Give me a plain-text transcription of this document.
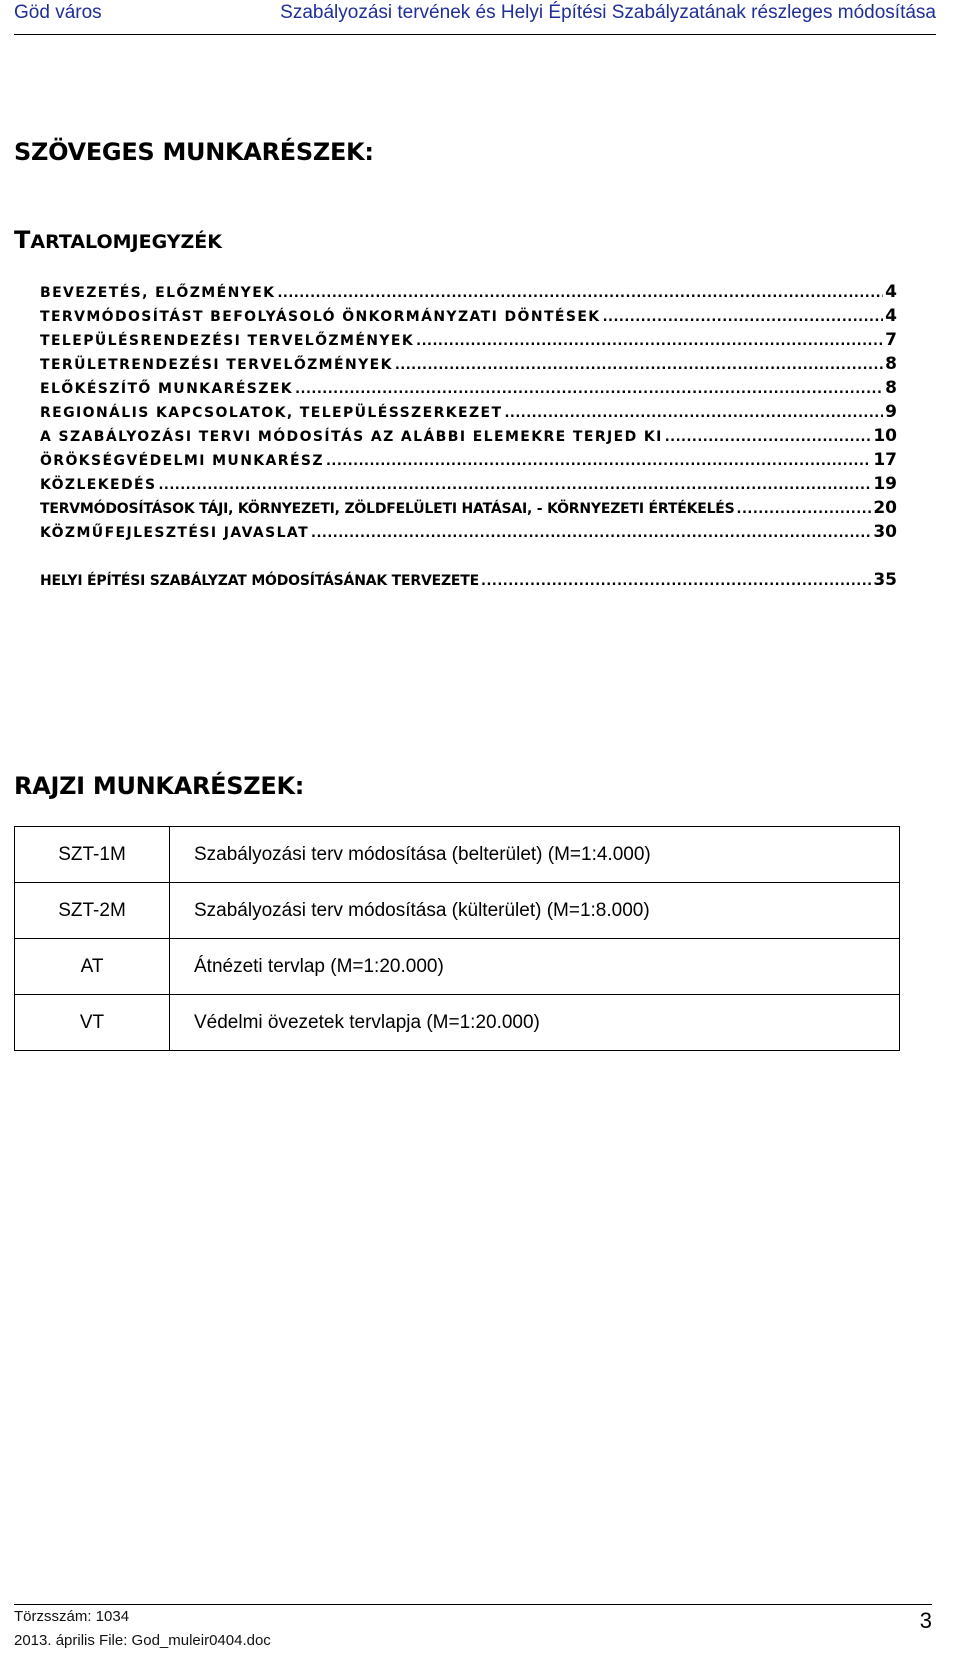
Göd város	Szabályozási tervének és Helyi Építési Szabályzatának részleges módosítása
SZÖVEGES MUNKARÉSZEK:
TARTALOMJEGYZÉK
BEVEZETÉS, ELŐZMÉNYEK .....	4
TERVMÓDOSÍTÁST BEFOLYÁSOLÓ ÖNKORMÁNYZATI DÖNTÉSEK .....	4
TELEPÜLÉSRENDEZÉSI TERVELŐZMÉNYEK .....	7
TERÜLETRENDEZÉSI TERVELŐZMÉNYEK .....	8
ELŐKÉSZÍTŐ MUNKARÉSZEK .....	8
REGIONÁLIS KAPCSOLATOK, TELEPÜLÉSSZERKEZET .....	9
A SZABÁLYOZÁSI TERVI MÓDOSÍTÁS AZ ALÁBBI ELEMEKRE TERJED KI .....	10
ÖRÖKSÉGVÉDELMI MUNKARÉSZ .....	17
KÖZLEKEDÉS .....	19
TERVMÓDOSÍTÁSOK TÁJI, KÖRNYEZETI, ZÖLDFELÜLETI HATÁSAI, - KÖRNYEZETI ÉRTÉKELÉS .....	20
KÖZMŰFEJLESZTÉSI JAVASLAT .....	30
HELYI ÉPÍTÉSI SZABÁLYZAT MÓDOSÍTÁSÁNAK TERVEZETE .....	35
RAJZI MUNKARÉSZEK:
SZT-1M	Szabályozási terv módosítása (belterület) (M=1:4.000)
SZT-2M	Szabályozási terv módosítása (külterület) (M=1:8.000)
AT	Átnézeti tervlap (M=1:20.000)
VT	Védelmi övezetek tervlapja (M=1:20.000)
Törzsszám: 1034
2013. április File: God_muleir0404.doc
3
